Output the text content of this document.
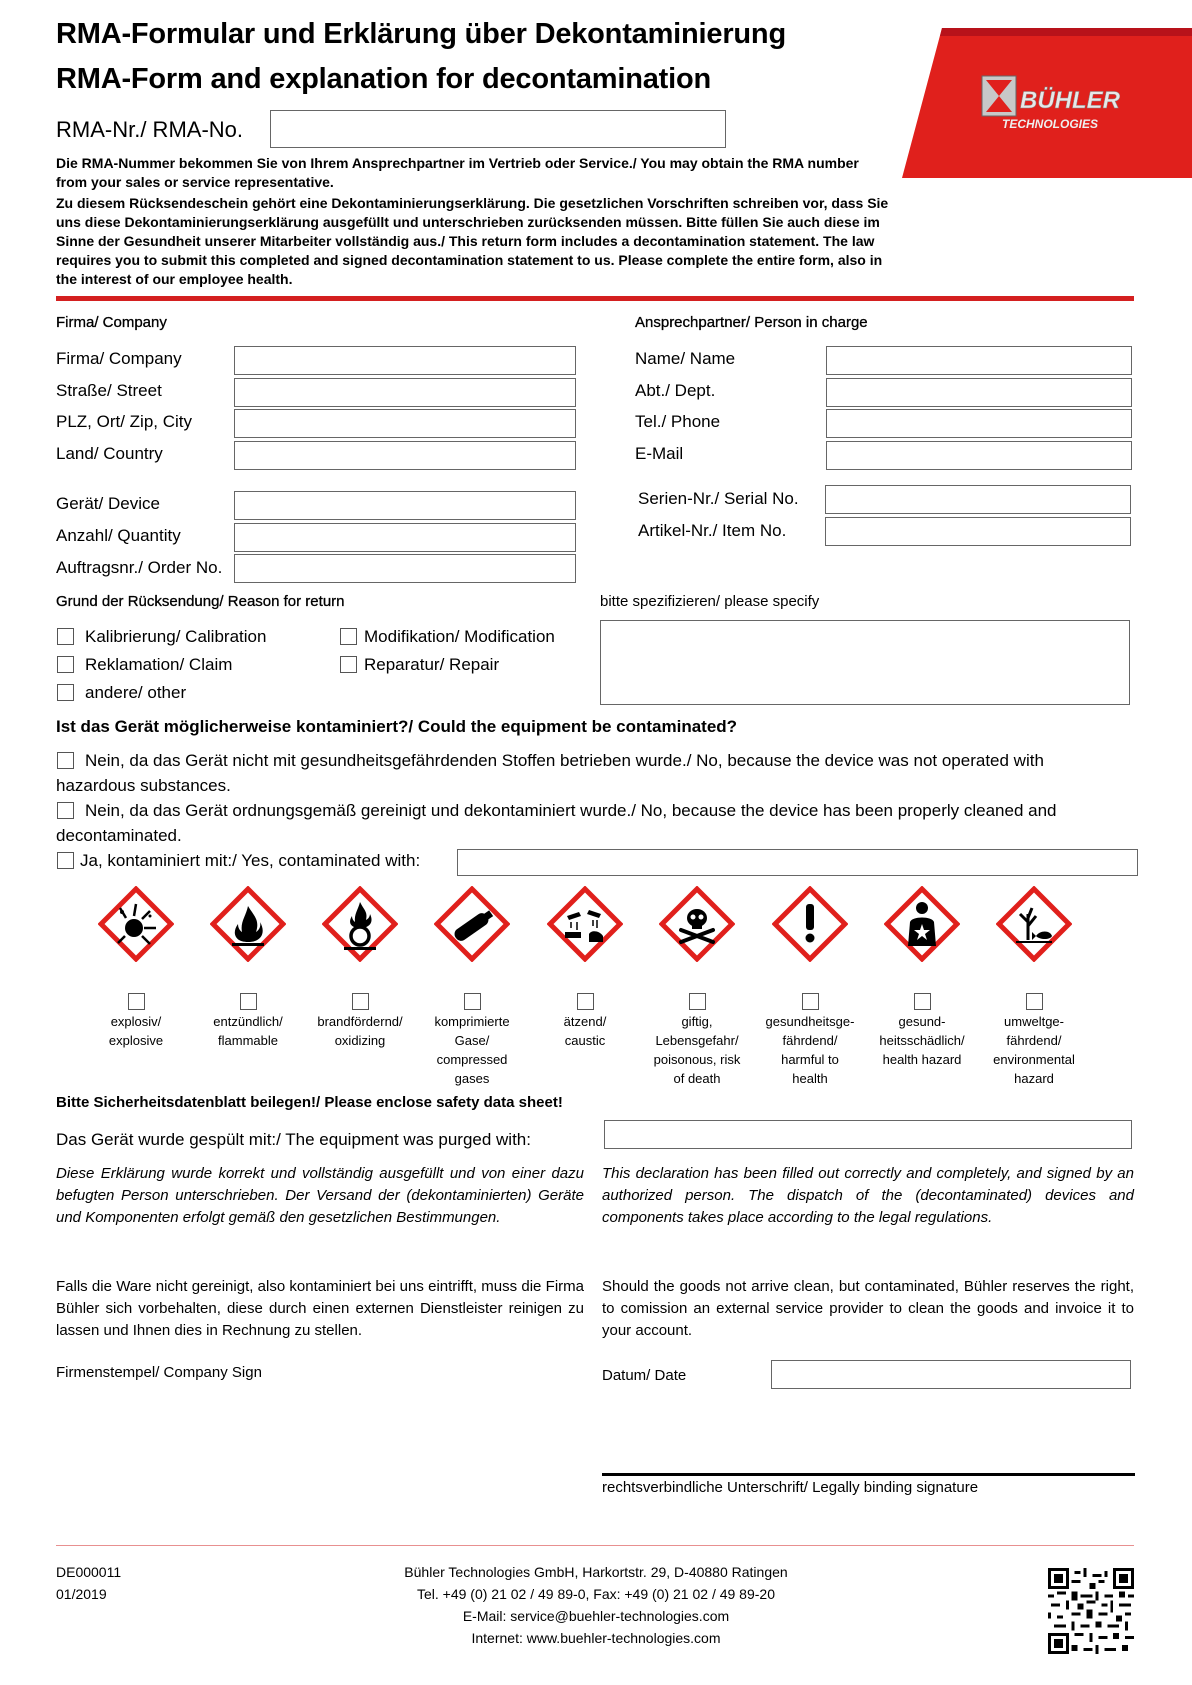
BÜHLER
TECHNOLOGIES
RMA-Formular und Erklärung über Dekontaminierung
RMA-Form and explanation for decontamination
RMA-Nr./ RMA-No.
Die RMA-Nummer bekommen Sie von Ihrem Ansprechpartner im Vertrieb oder Service./ You may obtain the RMA number from your sales or service representative.
Zu diesem Rücksendeschein gehört eine Dekontaminierungserklärung. Die gesetzlichen Vorschriften schreiben vor, dass Sie uns diese Dekontaminierungserklärung ausgefüllt und unterschrieben zurücksenden müssen. Bitte füllen Sie auch diese im Sinne der Gesundheit unserer Mitarbeiter vollständig aus./ This return form includes a decontamination statement. The law requires you to submit this completed and signed decontamination statement to us. Please complete the entire form, also in the interest of our employee health.
Firma/ Company
Firma/ Company
Straße/ Street
PLZ, Ort/ Zip, City
Land/ Country
Ansprechpartner/ Person in charge
Name/ Name
Abt./ Dept.
Tel./ Phone
E-Mail
Gerät/ Device
Anzahl/ Quantity
Auftragsnr./ Order No.
Serien-Nr./ Serial No.
Artikel-Nr./ Item No.
Grund der Rücksendung/ Reason for return	bitte spezifizieren/ please specify
Kalibrierung/ Calibration	Modifikation/ Modification
Reklamation/ Claim	Reparatur/ Repair
andere/ other
Ist das Gerät möglicherweise kontaminiert?/ Could the equipment be contaminated?
Nein, da das Gerät nicht mit gesundheitsgefährdenden Stoffen betrieben wurde./ No, because the device was not operated with
hazardous substances.
Nein, da das Gerät ordnungsgemäß gereinigt und dekontaminiert wurde./ No, because the device has been properly cleaned and
decontaminated.
Ja, kontaminiert mit:/ Yes, contaminated with:
explosiv/
explosive
entzündlich/
flammable
brandfördernd/
oxidizing
komprimierte
Gase/
compressed
gases
ätzend/
caustic
giftig,
Lebensgefahr/
poisonous, risk
of death
gesundheitsge-
fährdend/
harmful to
health
gesund-
heitsschädlich/
health hazard
umweltge-
fährdend/
environmental
hazard
Bitte Sicherheitsdatenblatt beilegen!/ Please enclose safety data sheet!
Das Gerät wurde gespült mit:/ The equipment was purged with:
Diese Erklärung wurde korrekt und vollständig ausgefüllt und von einer dazu befugten Person unterschrieben. Der Versand der (dekontaminierten) Geräte und Komponenten erfolgt gemäß den gesetzlichen Bestimmungen.
This declaration has been filled out correctly and completely, and signed by an authorized person. The dispatch of the (decontaminated) devices and components takes place according to the legal regulations.
Falls die Ware nicht gereinigt, also kontaminiert bei uns eintrifft, muss die Firma Bühler sich vorbehalten, diese durch einen externen Dienstleister reinigen zu lassen und Ihnen dies in Rechnung zu stellen.
Should the goods not arrive clean, but contaminated, Bühler reserves the right, to comission an external service provider to clean the goods and invoice it to your account.
Firmenstempel/ Company Sign	Datum/ Date
rechtsverbindliche Unterschrift/ Legally binding signature
DE000011
01/2019
Bühler Technologies GmbH, Harkortstr. 29, D-40880 Ratingen
Tel. +49 (0) 21 02 / 49 89-0, Fax: +49 (0) 21 02 / 49 89-20
E-Mail: service@buehler-technologies.com
Internet: www.buehler-technologies.com
